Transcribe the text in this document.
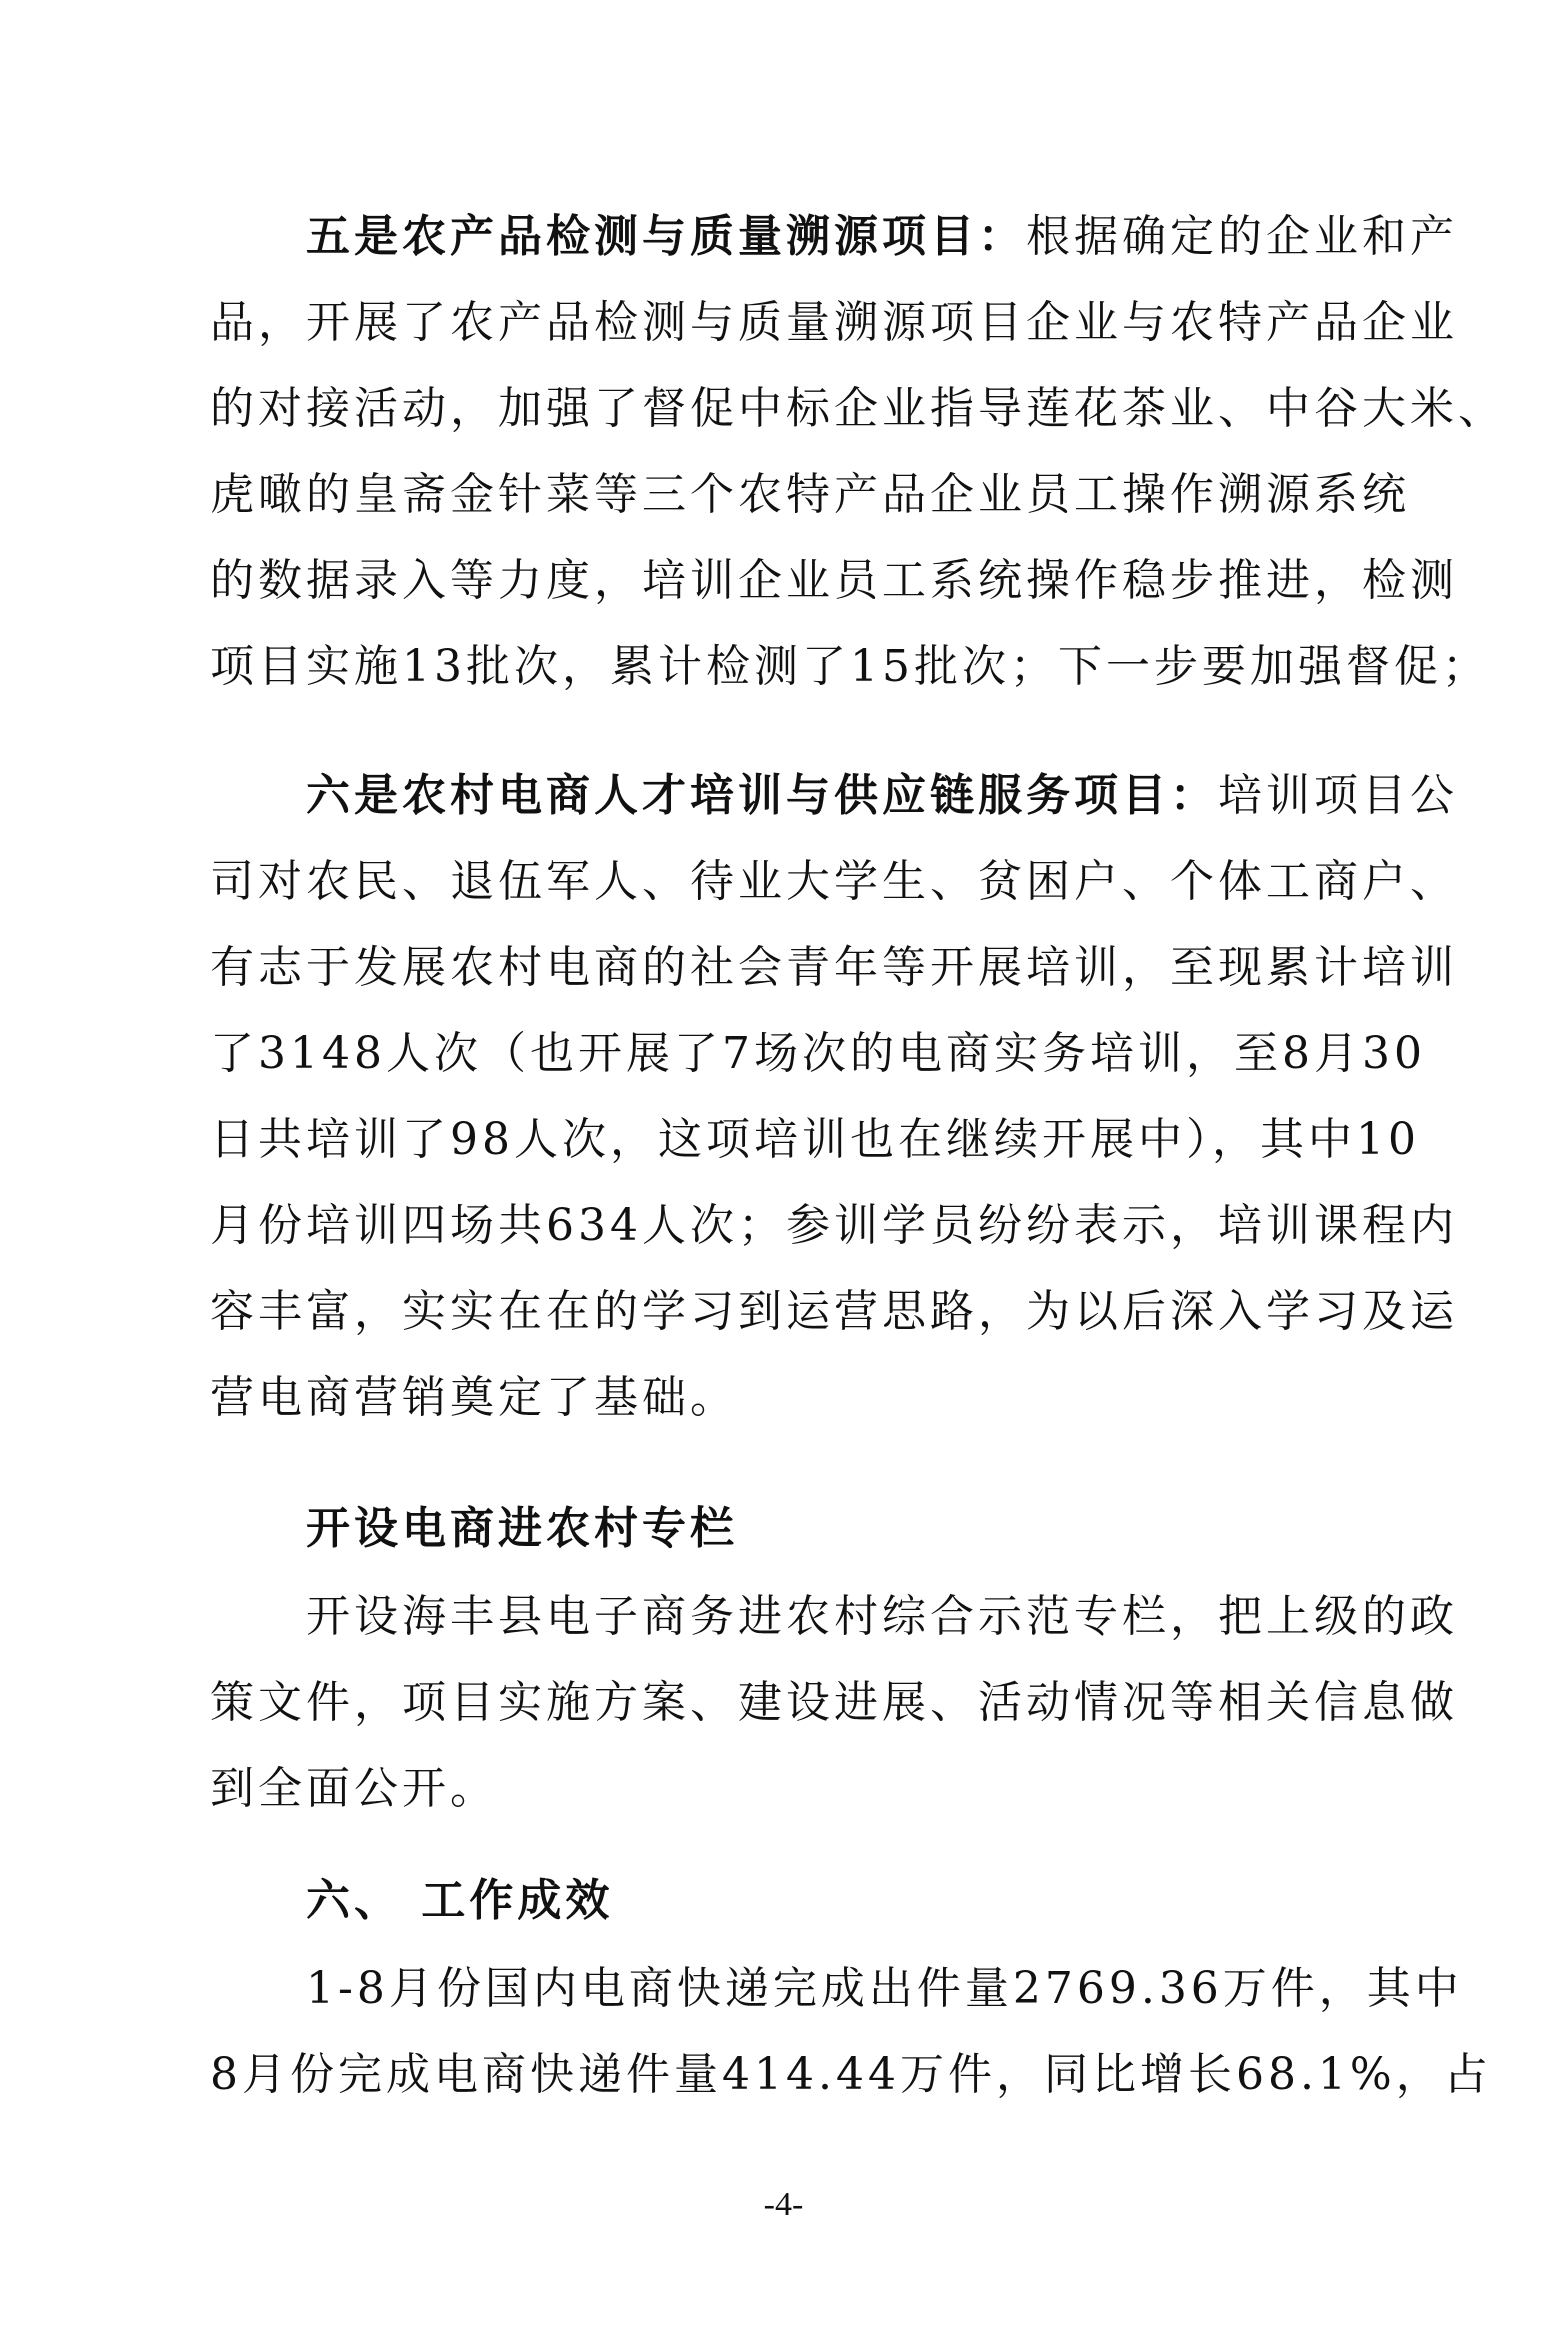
五是农产品检测与质量溯源项目：根据确定的企业和产
品，开展了农产品检测与质量溯源项目企业与农特产品企业
的对接活动，加强了督促中标企业指导莲花茶业、中谷大米、
虎噉的皇斋金针菜等三个农特产品企业员工操作溯源系统
的数据录入等力度，培训企业员工系统操作稳步推进，检测
项目实施13批次，累计检测了15批次；下一步要加强督促；
六是农村电商人才培训与供应链服务项目：培训项目公
司对农民、退伍军人、待业大学生、贫困户、个体工商户、
有志于发展农村电商的社会青年等开展培训，至现累计培训
了3148人次（也开展了7场次的电商实务培训，至8月30
日共培训了98人次，这项培训也在继续开展中），其中10
月份培训四场共634人次；参训学员纷纷表示，培训课程内
容丰富，实实在在的学习到运营思路，为以后深入学习及运
营电商营销奠定了基础。
开设电商进农村专栏
开设海丰县电子商务进农村综合示范专栏，把上级的政
策文件，项目实施方案、建设进展、活动情况等相关信息做
到全面公开。
六、 工作成效
1-8月份国内电商快递完成出件量2769.36万件，其中
8月份完成电商快递件量414.44万件，同比增长68.1%，占
-4-
